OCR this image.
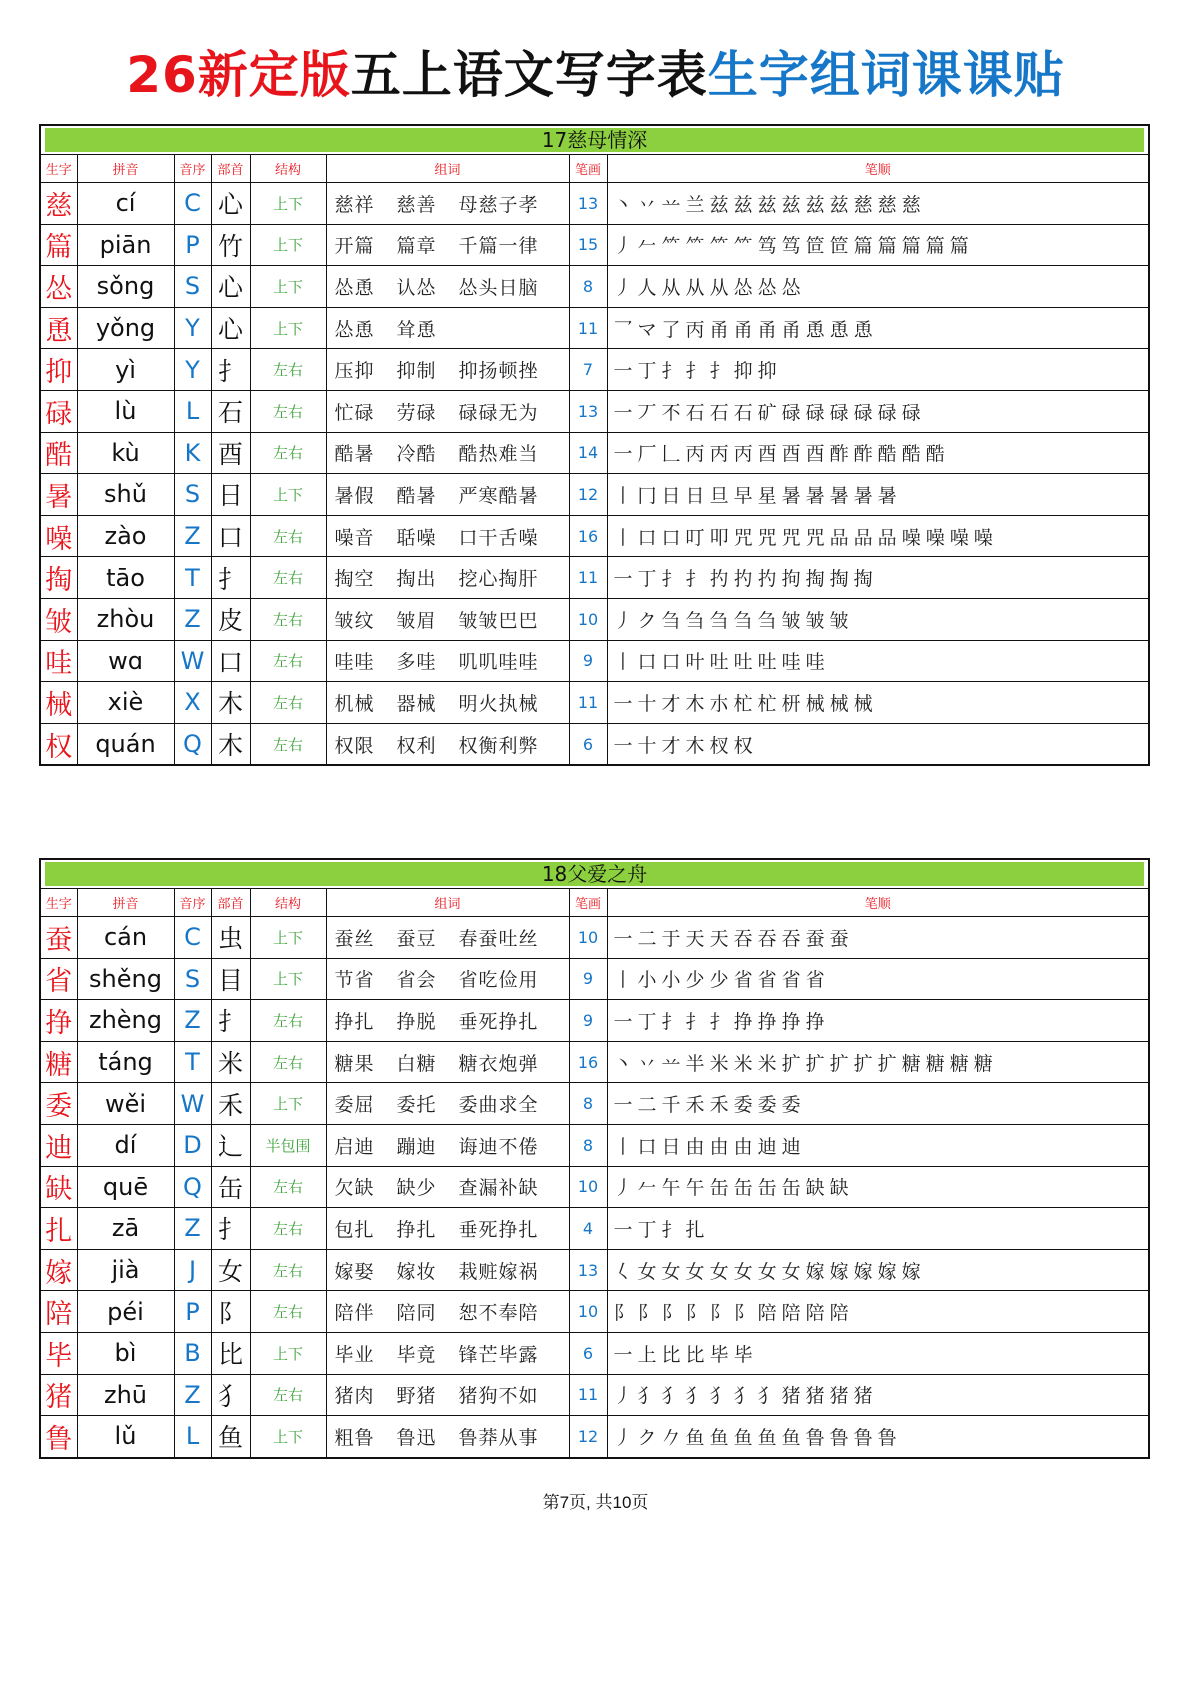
26新定版五上语文写字表生字组词课课贴
17慈母情深							

生字	拼音	音序	部首	结构	组词	笔画	笔顺
慈	cí	C	心	上下	慈祥 慈善 母慈子孝	13	丶 丷 䒑 兰 兹 兹 兹 兹 兹 兹 慈 慈 慈
篇	piān	P	竹	上下	开篇 篇章 千篇一律	15	丿 𠂉 ⺮ ⺮ ⺮ ⺮ 笃 笃 笸 笸 篇 篇 篇 篇 篇
怂	sǒng	S	心	上下	怂恿 认怂 怂头日脑	8	丿 人 从 从 从 怂 怂 怂
恿	yǒng	Y	心	上下	怂恿 耸恿	11	乛 マ 了 丙 甬 甬 甬 甬 恿 恿 恿
抑	yì	Y	扌	左右	压抑 抑制 抑扬顿挫	7	一 丁 扌 扌 扌 抑 抑
碌	lù	L	石	左右	忙碌 劳碌 碌碌无为	13	一 丆 不 石 石 石 矿 碌 碌 碌 碌 碌 碌
酷	kù	K	酉	左右	酷暑 冷酷 酷热难当	14	一 厂 𠃊 丙 丙 丙 酉 酉 酉 酢 酢 酷 酷 酷
暑	shǔ	S	日	上下	暑假 酷暑 严寒酷暑	12	丨 冂 日 日 旦 早 星 暑 暑 暑 暑 暑
噪	zào	Z	口	左右	噪音 聒噪 口干舌噪	16	丨 口 口 叮 叩 咒 咒 咒 咒 品 品 品 噪 噪 噪 噪
掏	tāo	T	扌	左右	掏空 掏出 挖心掏肝	11	一 丁 扌 扌 扚 扚 扚 拘 掏 掏 掏
皱	zhòu	Z	皮	左右	皱纹 皱眉 皱皱巴巴	10	丿 ク 刍 刍 刍 刍 刍 皱 皱 皱
哇	wɑ	W	口	左右	哇哇 多哇 叽叽哇哇	9	丨 口 口 叶 吐 吐 吐 哇 哇
械	xiè	X	木	左右	机械 器械 明火执械	11	一 十 才 木 朩 杧 杧 枅 械 械 械
权	quán	Q	木	左右	权限 权利 权衡利弊	6	一 十 才 木 杈 权
18父爱之舟							

生字	拼音	音序	部首	结构	组词	笔画	笔顺
蚕	cán	C	虫	上下	蚕丝 蚕豆 春蚕吐丝	10	一 二 于 天 天 吞 吞 吞 蚕 蚕
省	shěng	S	目	上下	节省 省会 省吃俭用	9	丨 小 小 少 少 省 省 省 省
挣	zhèng	Z	扌	左右	挣扎 挣脱 垂死挣扎	9	一 丁 扌 扌 扌 挣 挣 挣 挣
糖	táng	T	米	左右	糖果 白糖 糖衣炮弹	16	丶 丷 䒑 半 米 米 米 扩 扩 扩 扩 扩 糖 糖 糖 糖
委	wěi	W	禾	上下	委屈 委托 委曲求全	8	一 二 千 禾 禾 委 委 委
迪	dí	D	辶	半包围	启迪 蹦迪 诲迪不倦	8	丨 口 日 由 由 由 迪 迪
缺	quē	Q	缶	左右	欠缺 缺少 查漏补缺	10	丿 𠂉 午 午 缶 缶 缶 缶 缺 缺
扎	zā	Z	扌	左右	包扎 挣扎 垂死挣扎	4	一 丁 扌 扎
嫁	jià	J	女	左右	嫁娶 嫁妆 栽赃嫁祸	13	𡿨 女 女 女 女 女 女 女 嫁 嫁 嫁 嫁 嫁
陪	péi	P	阝	左右	陪伴 陪同 恕不奉陪	10	阝 阝 阝 阝 阝 阝 陪 陪 陪 陪
毕	bì	B	比	上下	毕业 毕竟 锋芒毕露	6	一 上 比 比 毕 毕
猪	zhū	Z	犭	左右	猪肉 野猪 猪狗不如	11	丿 犭 犭 犭 犭 犭 犭 猪 猪 猪 猪
鲁	lǔ	L	鱼	上下	粗鲁 鲁迅 鲁莽从事	12	丿 ク 𠂊 鱼 鱼 鱼 鱼 鱼 鲁 鲁 鲁 鲁
第7页, 共10页
